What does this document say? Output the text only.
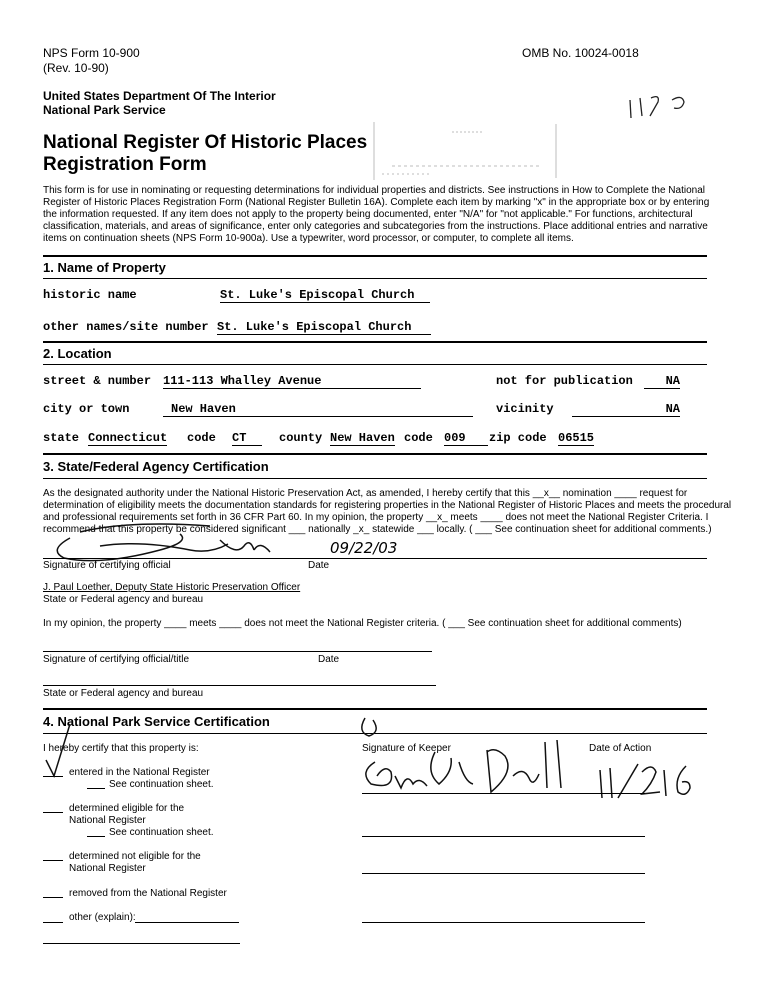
NPS Form 10-900
(Rev. 10-90)
OMB No. 10024-0018
United States Department Of The Interior
National Park Service
National Register Of Historic Places
Registration Form
This form is for use in nominating or requesting determinations for individual properties and districts. See instructions in How to Complete the National Register of Historic Places Registration Form (National Register Bulletin 16A). Complete each item by marking "x" in the appropriate box or by entering the information requested. If any item does not apply to the property being documented, enter "N/A" for "not applicable." For functions, architectural classification, materials, and areas of significance, enter only categories and subcategories from the instructions. Place additional entries and narrative items on continuation sheets (NPS Form 10-900a). Use a typewriter, word processor, or computer, to complete all items.
1. Name of Property
historic name	St. Luke's Episcopal Church
other names/site number St. Luke's Episcopal Church
2. Location
street & number 111-113 Whalley Avenue	not for publication	NA
city or town	New Haven	vicinity	NA
state Connecticut code CT	county New Haven code 009	zip code 06515
3. State/Federal Agency Certification
As the designated authority under the National Historic Preservation Act, as amended, I hereby certify that this __x__ nomination ____ request for
determination of eligibility meets the documentation standards for registering properties in the National Register of Historic Places and meets the procedural
and professional requirements set forth in 36 CFR Part 60. In my opinion, the property __x_ meets ____ does not meet the National Register Criteria. I
recommend that this property be considered significant ___ nationally _x_ statewide ___ locally. ( ___ See continuation sheet for additional comments.)
09/22/03
Signature of certifying official	Date
J. Paul Loether, Deputy State Historic Preservation Officer
State or Federal agency and bureau
In my opinion, the property ____ meets ____ does not meet the National Register criteria. ( ___ See continuation sheet for additional comments)
Signature of certifying official/title	Date
State or Federal agency and bureau
4. National Park Service Certification
I hereby certify that this property is:	Signature of Keeper	Date of Action
entered in the National Register
See continuation sheet.
determined eligible for the
National Register
See continuation sheet.
determined not eligible for the
National Register
removed from the National Register
other (explain):
